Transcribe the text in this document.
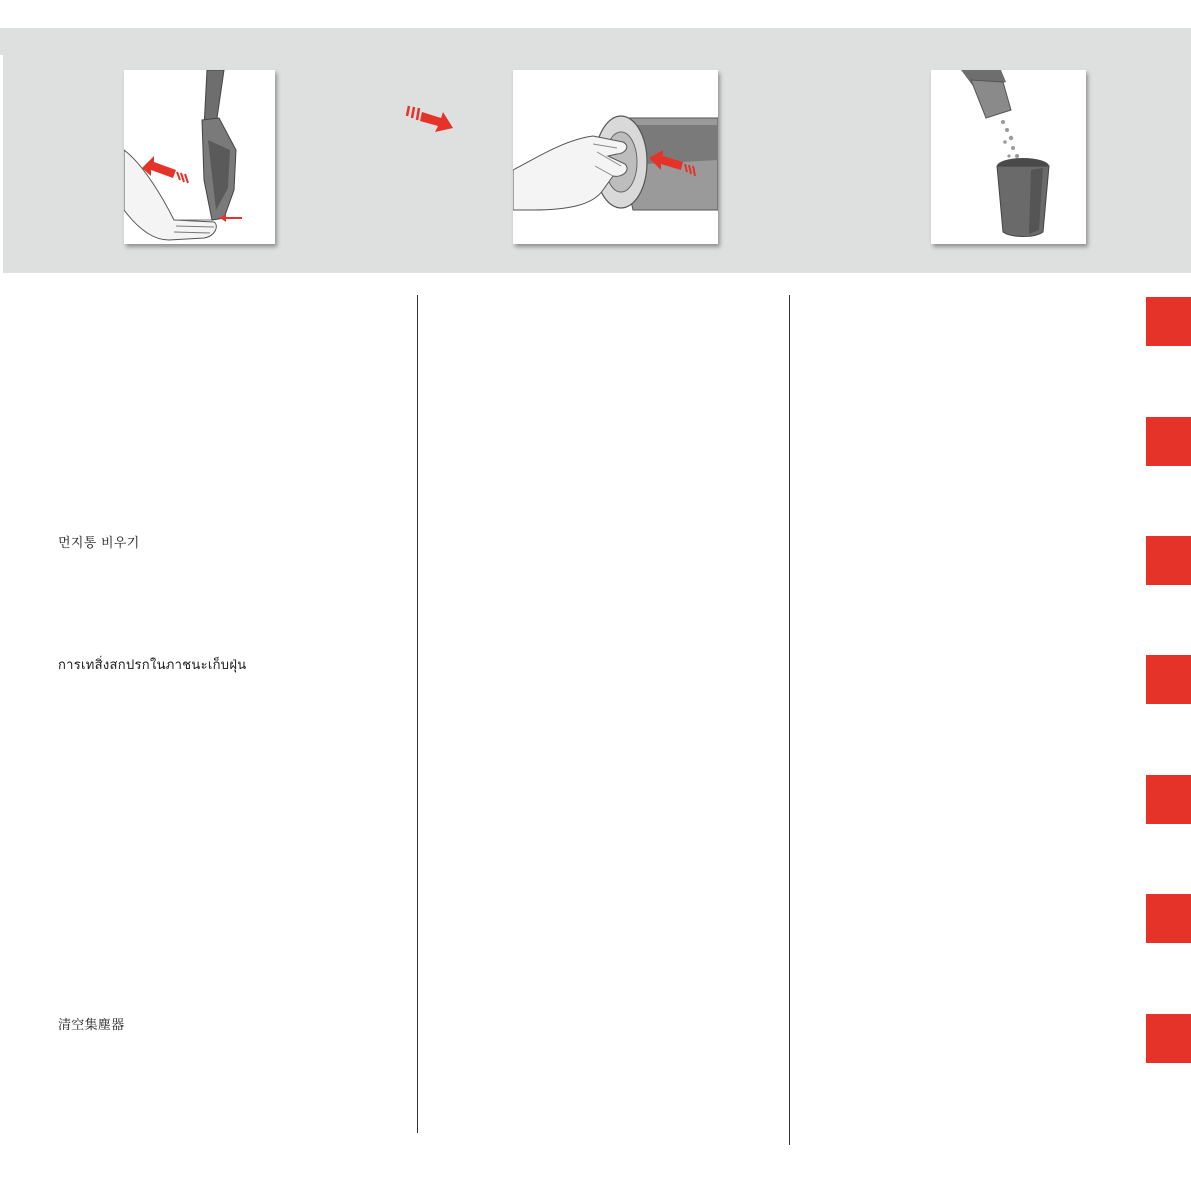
먼지통 비우기
การเทสิ่งสกปรกในภาชนะเก็บฝุ่น
清空集塵器
